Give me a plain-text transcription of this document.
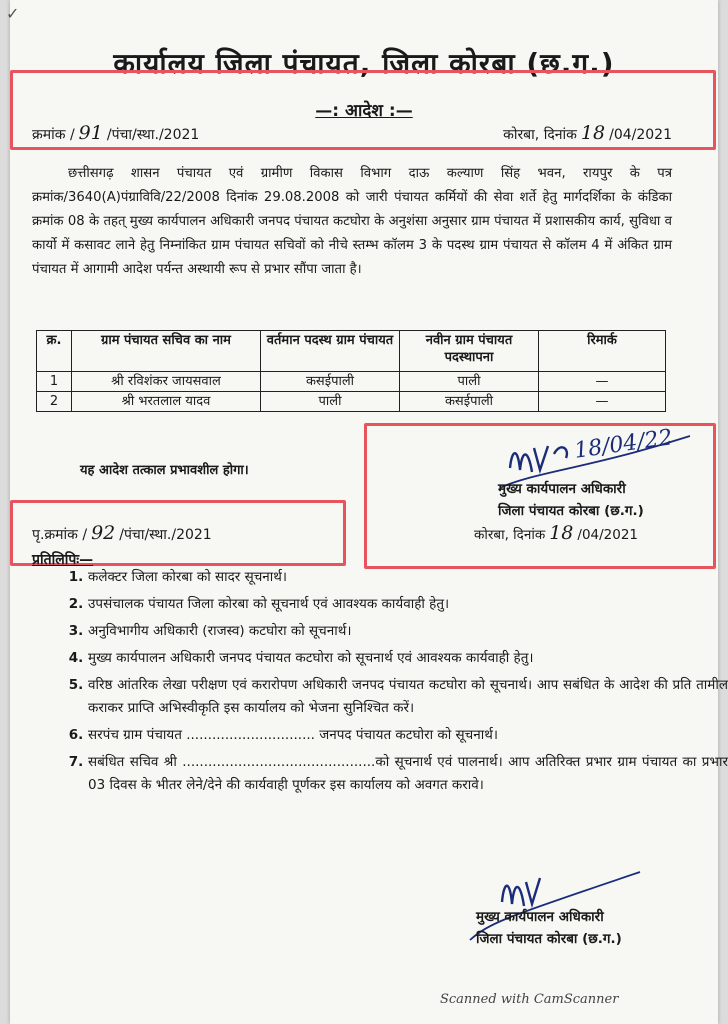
✓
कार्यालय जिला पंचायत, जिला कोरबा (छ.ग.)
—: आदेश :—
क्रमांक / 91 /पंचा/स्था./2021	कोरबा, दिनांक 18 /04/2021
छत्तीसगढ़ शासन पंचायत एवं ग्रामीण विकास विभाग दाऊ कल्याण सिंह भवन, रायपुर के पत्र क्रमांक/3640(A)पंग्राविवि/22/2008 दिनांक 29.08.2008 को जारी पंचायत कर्मियों की सेवा शर्ते हेतु मार्गदर्शिका के कंडिका क्रमांक 08 के तहत् मुख्य कार्यपालन अधिकारी जनपद पंचायत कटघोरा के अनुशंसा अनुसार ग्राम पंचायत में प्रशासकीय कार्य, सुविधा व कार्यो में कसावट लाने हेतु निम्नांकित ग्राम पंचायत सचिवों को नीचे स्तम्भ कॉलम 3 के पदस्थ ग्राम पंचायत से कॉलम 4 में अंकित ग्राम पंचायत में आगामी आदेश पर्यन्त अस्थायी रूप से प्रभार सौंपा जाता है।
क्र.	ग्राम पंचायत सचिव का नाम	वर्तमान पदस्थ ग्राम पंचायत	नवीन ग्राम पंचायत पदस्थापना	रिमार्क
1	श्री रविशंकर जायसवाल	कसईपाली	पाली	—
2	श्री भरतलाल यादव	पाली	कसईपाली	—
यह आदेश तत्काल प्रभावशील होगा।
18/04/22
मुख्य कार्यपालन अधिकारी
जिला पंचायत कोरबा (छ.ग.)
कोरबा, दिनांक 18 /04/2021
पृ.क्रमांक / 92 /पंचा/स्था./2021
प्रतिलिपिः—
1. कलेक्टर जिला कोरबा को सादर सूचनार्थ।
2. उपसंचालक पंचायत जिला कोरबा को सूचनार्थ एवं आवश्यक कार्यवाही हेतु।
3. अनुविभागीय अधिकारी (राजस्व) कटघोरा को सूचनार्थ।
4. मुख्य कार्यपालन अधिकारी जनपद पंचायत कटघोरा को सूचनार्थ एवं आवश्यक कार्यवाही हेतु।
5. वरिष्ठ आंतरिक लेखा परीक्षण एवं करारोपण अधिकारी जनपद पंचायत कटघोरा को सूचनार्थ। आप सबंधित के आदेश की प्रति तामील कराकर प्राप्ति अभिस्वीकृति इस कार्यालय को भेजना सुनिश्चित करें।
6. सरपंच ग्राम पंचायत .............................. जनपद पंचायत कटघोरा को सूचनार्थ।
7. सबंधित सचिव श्री .............................................को सूचनार्थ एवं पालनार्थ। आप अतिरिक्त प्रभार ग्राम पंचायत का प्रभार 03 दिवस के भीतर लेने/देने की कार्यवाही पूर्णकर इस कार्यालय को अवगत करावे।
मुख्य कार्यपालन अधिकारी
जिला पंचायत कोरबा (छ.ग.)
Scanned with CamScanner
